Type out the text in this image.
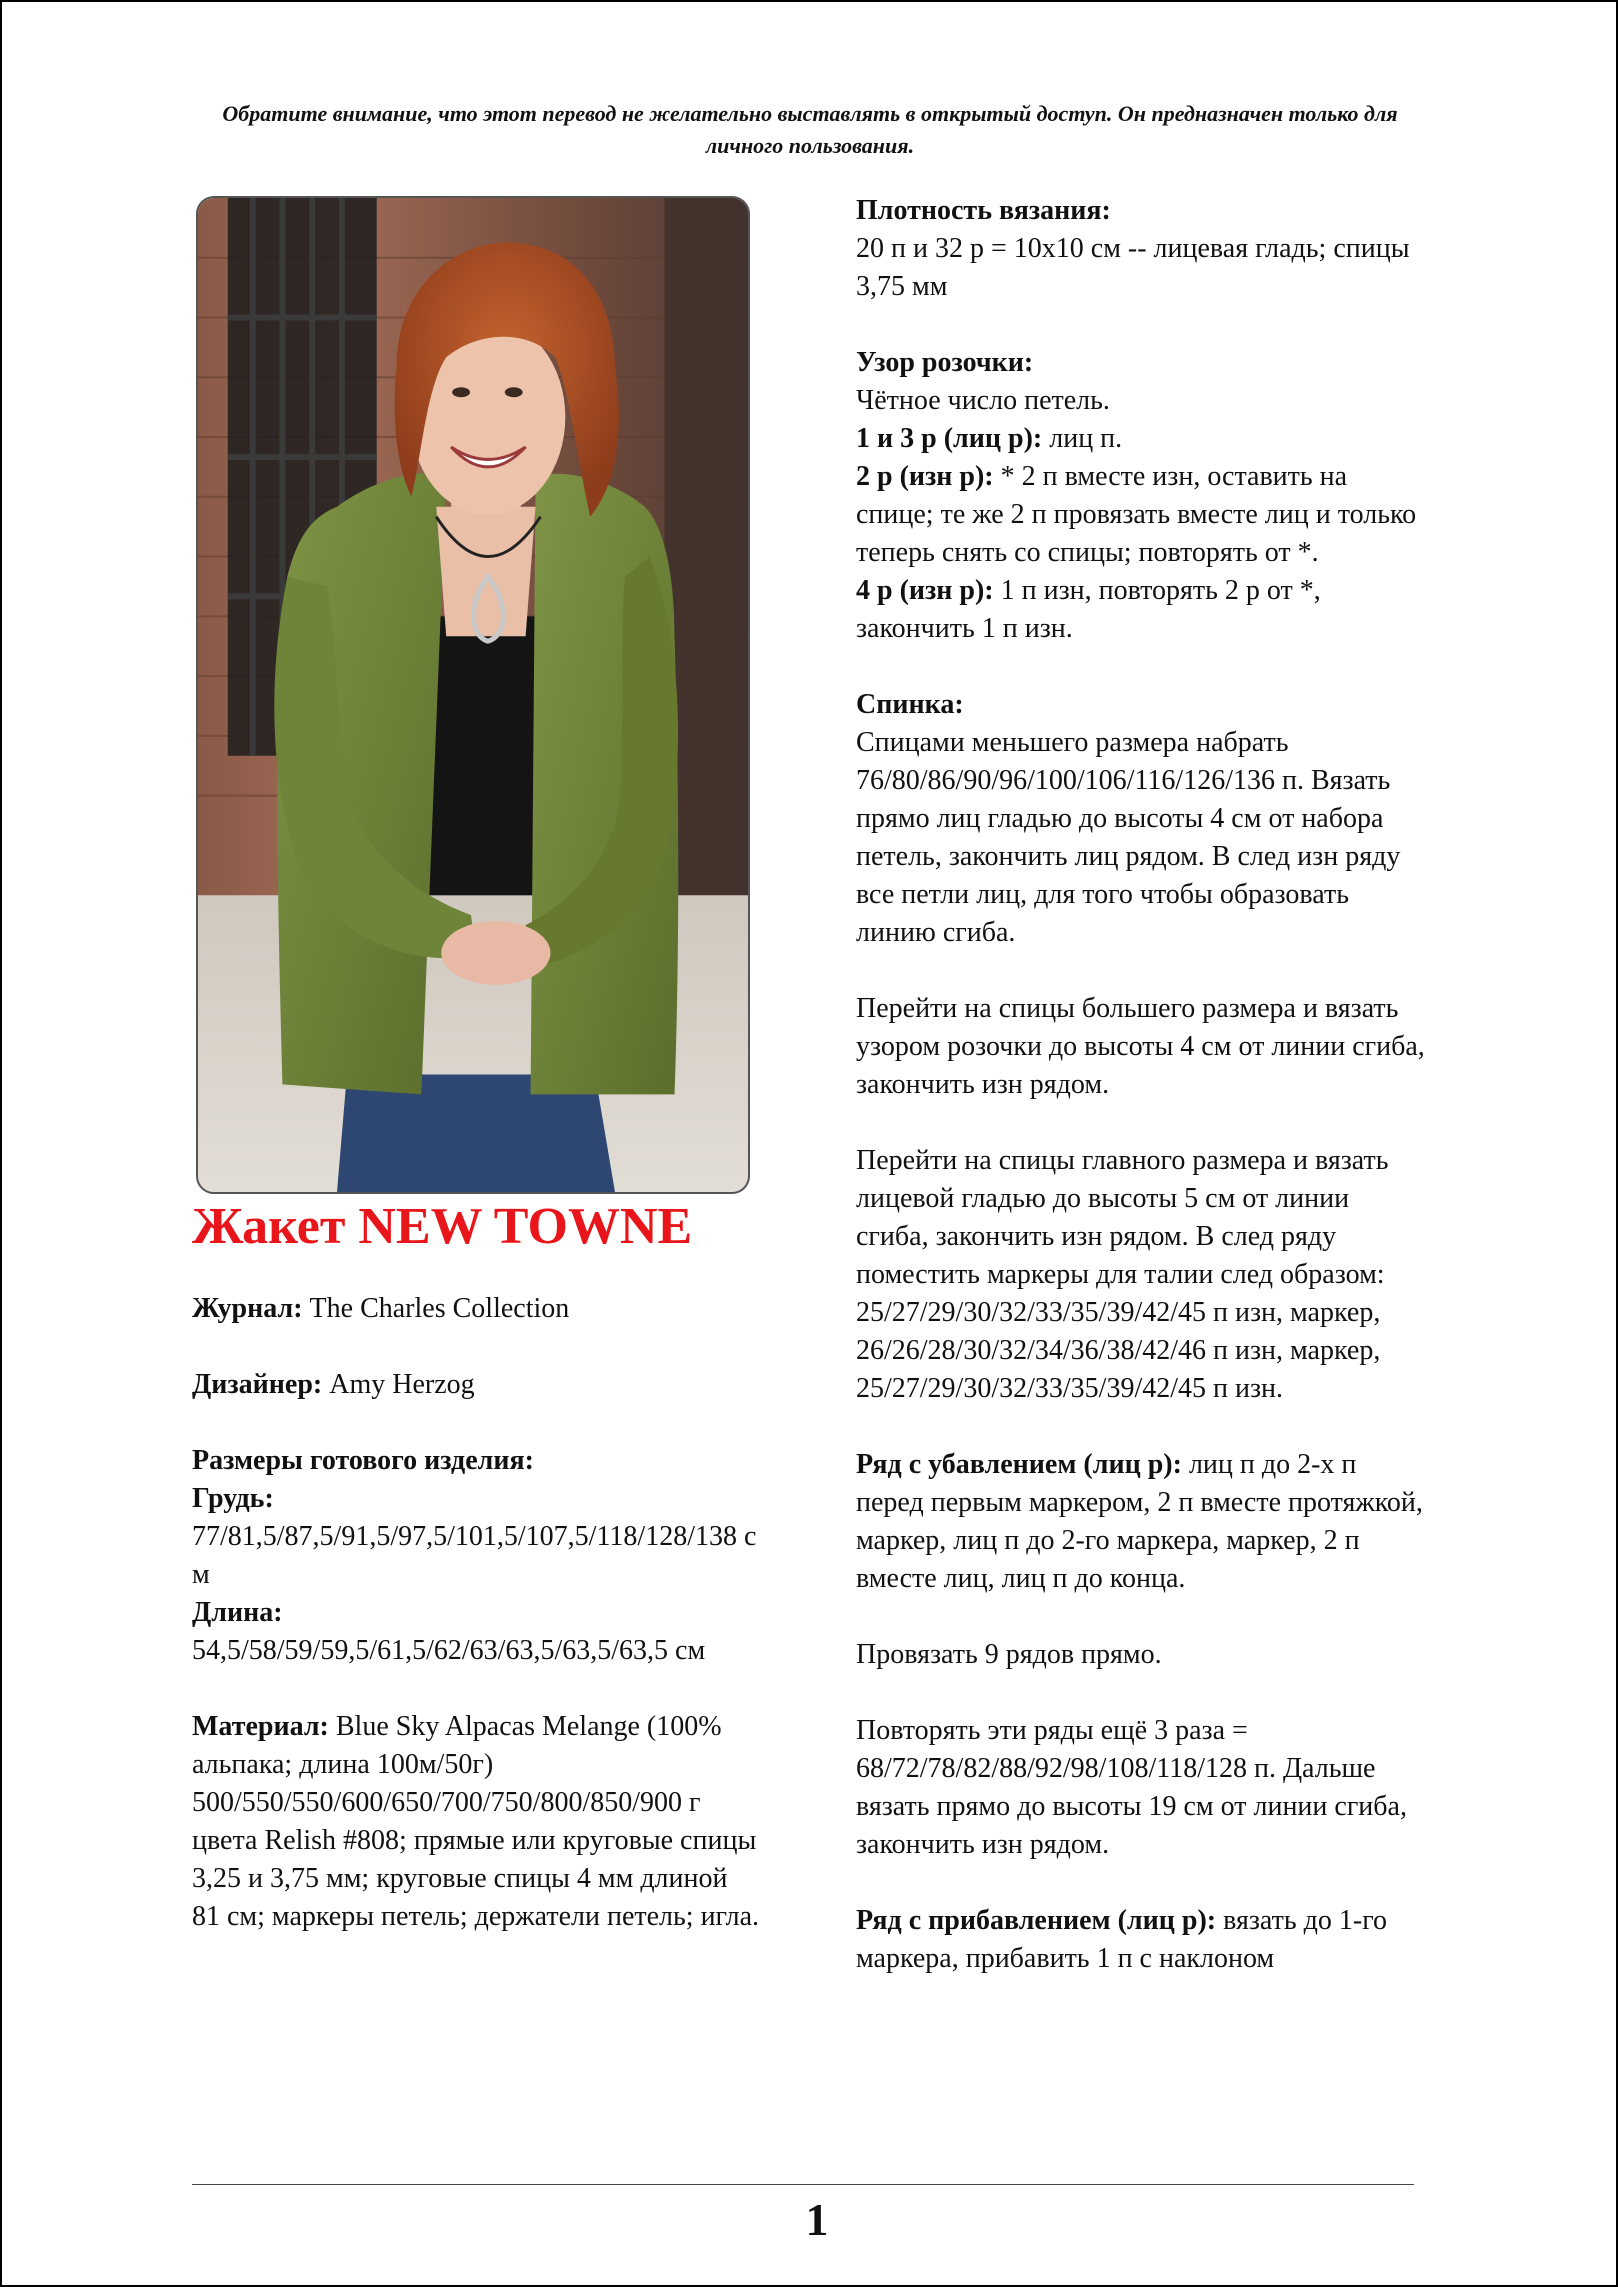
Обратите внимание, что этот перевод не желательно выставлять в открытый доступ. Он предназначен только для личного пользования.
Жакет NEW TOWNE

Журнал: The Charles Collection

Дизайнер: Amy Herzog

Размеры готового изделия:
Грудь:
77/81,5/87,5/91,5/97,5/101,5/107,5/118/128/138 см
Длина:
54,5/58/59/59,5/61,5/62/63/63,5/63,5/63,5 см

Материал: Blue Sky Alpacas Melange (100% альпака; длина 100м/50г) 500/550/550/600/650/700/750/800/850/900 г цвета Relish #808; прямые или круговые спицы 3,25 и 3,75 мм; круговые спицы 4 мм длиной 81 см; маркеры петель; держатели петель; игла.

Плотность вязания:
20 п и 32 р = 10х10 см -- лицевая гладь; спицы 3,75 мм
Узор розочки:
Чётное число петель.
1 и 3 р (лиц р): лиц п.
2 р (изн р): * 2 п вместе изн, оставить на спице; те же 2 п провязать вместе лиц и только теперь снять со спицы; повторять от *.
4 р (изн р): 1 п изн, повторять 2 р от *, закончить 1 п изн.
Спинка:
Спицами меньшего размера набрать 76/80/86/90/96/100/106/116/126/136 п. Вязать прямо лиц гладью до высоты 4 см от набора петель, закончить лиц рядом. В след изн ряду все петли лиц, для того чтобы образовать линию сгиба.

Перейти на спицы большего размера и вязать узором розочки до высоты 4 см от линии сгиба, закончить изн рядом.

Перейти на спицы главного размера и вязать лицевой гладью до высоты 5 см от линии сгиба, закончить изн рядом. В след ряду поместить маркеры для талии след образом: 25/27/29/30/32/33/35/39/42/45 п изн, маркер, 26/26/28/30/32/34/36/38/42/46 п изн, маркер, 25/27/29/30/32/33/35/39/42/45 п изн.

Ряд с убавлением (лиц р): лиц п до 2-х п перед первым маркером, 2 п вместе протяжкой, маркер, лиц п до 2-го маркера, маркер, 2 п вместе лиц, лиц п до конца.

Провязать 9 рядов прямо.

Повторять эти ряды ещё 3 раза = 68/72/78/82/88/92/98/108/118/128 п. Дальше вязать прямо до высоты 19 см от линии сгиба, закончить изн рядом.

Ряд с прибавлением (лиц р): вязать до 1-го маркера, прибавить 1 п с наклоном

1
